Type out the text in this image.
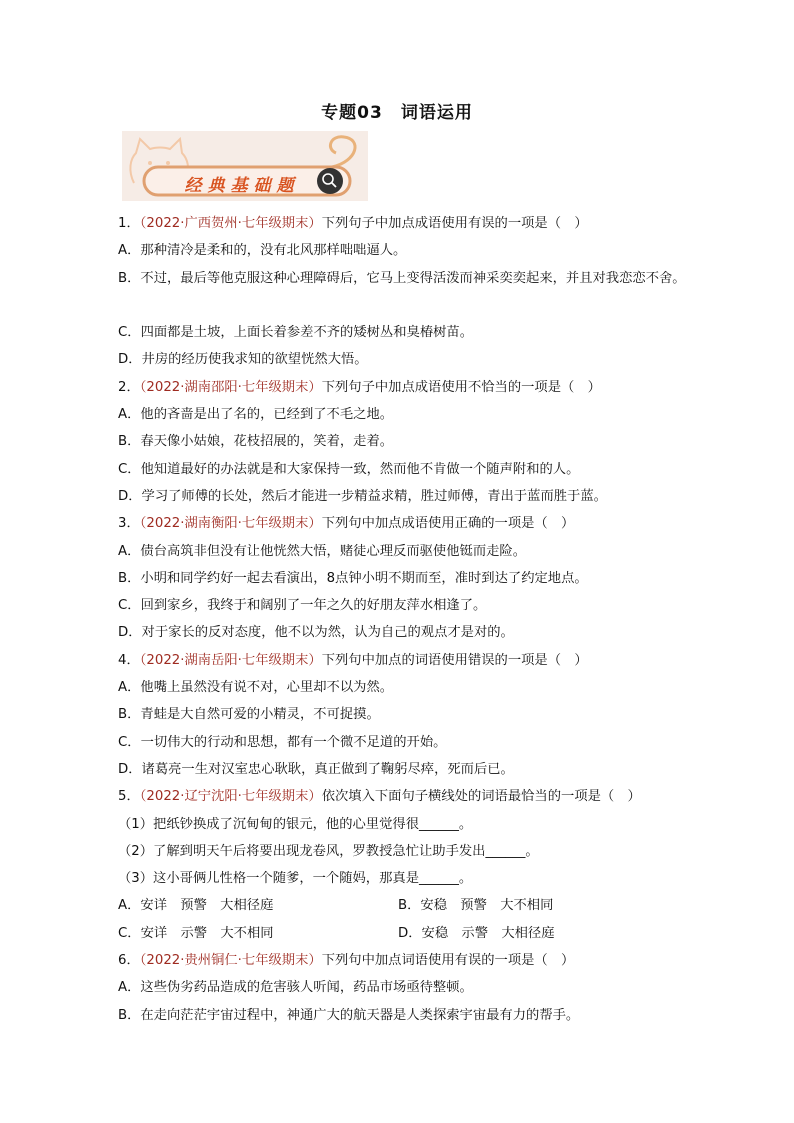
专题03　词语运用
经典基础题
1．（2022·广西贺州·七年级期末）下列句子中加点成语使用有误的一项是（　）
A．那种清冷是柔和的，没有北风那样咄咄逼人。
B．不过，最后等他克服这种心理障碍后，它马上变得活泼而神采奕奕起来，并且对我恋恋不舍。
C．四面都是土坡，上面长着参差不齐的矮树丛和臭椿树苗。
D．井房的经历使我求知的欲望恍然大悟。
2．（2022·湖南邵阳·七年级期末）下列句子中加点成语使用不恰当的一项是（　）
A．他的吝啬是出了名的，已经到了不毛之地。
B．春天像小姑娘，花枝招展的，笑着，走着。
C．他知道最好的办法就是和大家保持一致，然而他不肯做一个随声附和的人。
D．学习了师傅的长处，然后才能进一步精益求精，胜过师傅，青出于蓝而胜于蓝。
3．（2022·湖南衡阳·七年级期末）下列句中加点成语使用正确的一项是（　）
A．债台高筑非但没有让他恍然大悟，赌徒心理反而驱使他铤而走险。
B．小明和同学约好一起去看演出，8点钟小明不期而至，准时到达了约定地点。
C．回到家乡，我终于和阔别了一年之久的好朋友萍水相逢了。
D．对于家长的反对态度，他不以为然，认为自己的观点才是对的。
4．（2022·湖南岳阳·七年级期末）下列句中加点的词语使用错误的一项是（　）
A．他嘴上虽然没有说不对，心里却不以为然。
B．青蛙是大自然可爱的小精灵，不可捉摸。
C．一切伟大的行动和思想，都有一个微不足道的开始。
D．诸葛亮一生对汉室忠心耿耿，真正做到了鞠躬尽瘁，死而后已。
5．（2022·辽宁沈阳·七年级期末）依次填入下面句子横线处的词语最恰当的一项是（　）
（1）把纸钞换成了沉甸甸的银元，他的心里觉得很______。
（2）了解到明天午后将要出现龙卷风，罗教授急忙让助手发出______。
（3）这小哥俩儿性格一个随爹，一个随妈，那真是______。
A．安详　预警　大相径庭	B．安稳　预警　大不相同
C．安详　示警　大不相同	D．安稳　示警　大相径庭
6．（2022·贵州铜仁·七年级期末）下列句中加点词语使用有误的一项是（　）
A．这些伪劣药品造成的危害骇人听闻，药品市场亟待整顿。
B．在走向茫茫宇宙过程中，神通广大的航天器是人类探索宇宙最有力的帮手。
